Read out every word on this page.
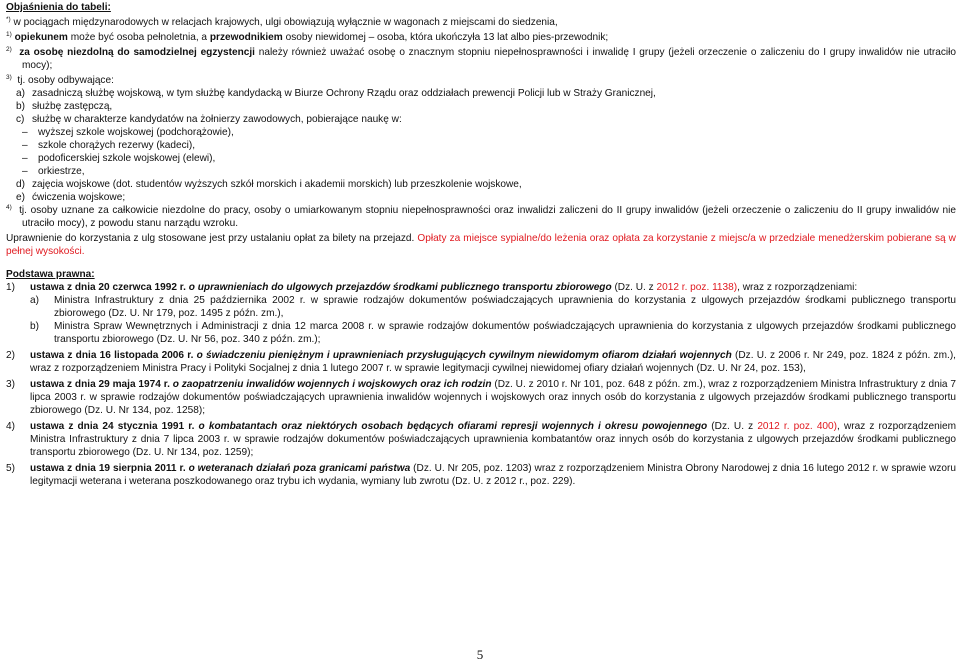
Objaśnienia do tabeli:

*) w pociągach międzynarodowych w relacjach krajowych, ulgi obowiązują wyłącznie w wagonach z miejscami do siedzenia,

$^{1)}$ opiekunem może być osoba pełnoletnia, a przewodnikiem osoby niewidomej – osoba, która ukończyła 13 lat albo pies-przewodnik;

$^{2)}$ za osobę niezdolną do samodzielnej egzystencji należy również uważać osobę o znacznym stopniu niepełnosprawności i inwalidę I grupy (jeżeli orzeczenie o zaliczeniu do I grupy inwalidów nie utraciło mocy);

$^{3)}$ tj. osoby odbywające:

a) zasadniczą służbę wojskową, w tym służbę kandydacką w Biurze Ochrony Rządu oraz oddziałach prewencji Policji lub w Straży Granicznej,
b) służbę zastępczą,
c) służbę w charakterze kandydatów na żołnierzy zawodowych, pobierające naukę w:
–	wyższej szkole wojskowej (podchorążowie),
–	szkole chorążych rezerwy (kadeci),
–	podoficerskiej szkole wojskowej (elewi),
–	orkiestrze,
d) zajęcia wojskowe (dot. studentów wyższych szkół morskich i akademii morskich) lub przeszkolenie wojskowe,
e) ćwiczenia wojskowe;

$^{4)}$ tj. osoby uznane za całkowicie niezdolne do pracy, osoby o umiarkowanym stopniu niepełnosprawności oraz inwalidzi zaliczeni do II grupy inwalidów (jeżeli orzeczenie o zaliczeniu do II grupy inwalidów nie utraciło mocy), z powodu stanu narządu wzroku.

Uprawnienie do korzystania z ulg stosowane jest przy ustalaniu opłat za bilety na przejazd. Opłaty za miejsce sypialne/do leżenia oraz opłata za korzystanie z miejsc/a w przedziale menedżerskim pobierane są w pełnej wysokości.

Podstawa prawna:
1)	ustawa z dnia 20 czerwca 1992 r. o uprawnieniach do ulgowych przejazdów środkami publicznego transportu zbiorowego (Dz. U. z 2012 r. poz. 1138), wraz z rozporządzeniami:
a)	Ministra Infrastruktury z dnia 25 października 2002 r. w sprawie rodzajów dokumentów poświadczających uprawnienia do korzystania z ulgowych przejazdów środkami publicznego transportu zbiorowego (Dz. U. Nr 179, poz. 1495 z późn. zm.),
b)	Ministra Spraw Wewnętrznych i Administracji z dnia 12 marca 2008 r. w sprawie rodzajów dokumentów poświadczających uprawnienia do korzystania z ulgowych przejazdów środkami publicznego transportu zbiorowego (Dz. U. Nr 56, poz. 340 z późn. zm.);
2)	ustawa z dnia 16 listopada 2006 r. o świadczeniu pieniężnym i uprawnieniach przysługujących cywilnym niewidomym ofiarom działań wojennych (Dz. U. z 2006 r. Nr 249, poz. 1824 z późn. zm.), wraz z rozporządzeniem Ministra Pracy i Polityki Socjalnej z dnia 1 lutego 2007 r. w sprawie legitymacji cywilnej niewidomej ofiary działań wojennych (Dz. U. Nr 24, poz. 153),
3)	ustawa z dnia 29 maja 1974 r. o zaopatrzeniu inwalidów wojennych i wojskowych oraz ich rodzin (Dz. U. z 2010 r. Nr 101, poz. 648 z późn. zm.), wraz z rozporządzeniem Ministra Infrastruktury z dnia 7 lipca 2003 r. w sprawie rodzajów dokumentów poświadczających uprawnienia inwalidów wojennych i wojskowych oraz innych osób do korzystania z ulgowych przejazdów środkami publicznego transportu zbiorowego (Dz. U. Nr 134, poz. 1258);
4)	ustawa z dnia 24 stycznia 1991 r. o kombatantach oraz niektórych osobach będących ofiarami represji wojennych i okresu powojennego (Dz. U. z 2012 r. poz. 400), wraz z rozporządzeniem Ministra Infrastruktury z dnia 7 lipca 2003 r. w sprawie rodzajów dokumentów poświadczających uprawnienia kombatantów oraz innych osób do korzystania z ulgowych przejazdów środkami publicznego transportu zbiorowego (Dz. U. Nr 134, poz. 1259);
5)	ustawa z dnia 19 sierpnia 2011 r. o weteranach działań poza granicami państwa (Dz. U. Nr 205, poz. 1203) wraz z rozporządzeniem Ministra Obrony Narodowej z dnia 16 lutego 2012 r. w sprawie wzoru legitymacji weterana i weterana poszkodowanego oraz trybu ich wydania, wymiany lub zwrotu (Dz. U. z 2012 r., poz. 229).
5
